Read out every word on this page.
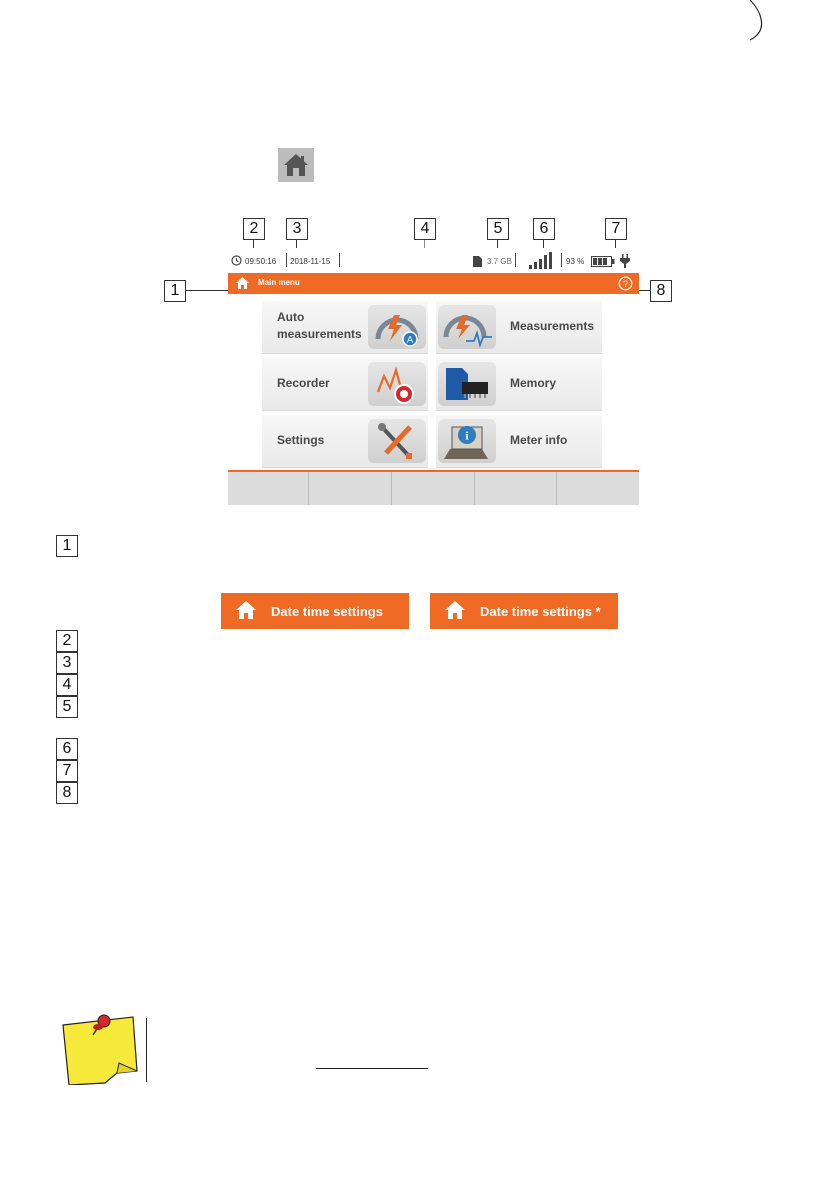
2	3	4	5	6	7
1	8
09:50:16 2018-11-15	3.7 GB	93 %
Main menu	?
Auto
measurements	A
Measurements
Recorder	Memory
Settings	i	Meter info
1
Date time settings	Date time settings *
2
3
4
5
6
7
8
